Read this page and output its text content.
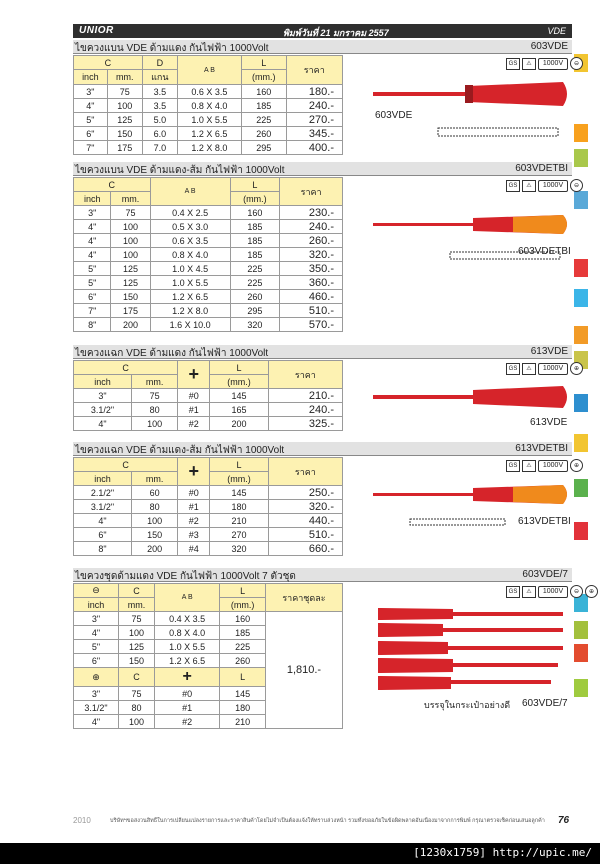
UNIOR	พิมพ์วันที่ 21 มกราคม 2557	VDE
ไขควงแบน VDE ด้ามแดง กันไฟฟ้า 1000Volt	603VDE
C		D	A B	L	ราคา
inch	mm.	แกน		(mm.)	
3"	75	3.5	0.6 X 3.5	160	180.-
4"	100	3.5	0.8 X 4.0	185	240.-
5"	125	5.0	1.0 X 5.5	225	270.-
6"	150	6.0	1.2 X 6.5	260	345.-
7"	175	7.0	1.2 X 8.0	295	400.-
GS	⚠	1000V	⊖
603VDE
ไขควงแบน VDE ด้ามแดง-ส้ม กันไฟฟ้า 1000Volt	603VDETBI
C		A B	L	ราคา
inch	mm.		(mm.)	
3"	75	0.4 X 2.5	160	230.-
4"	100	0.5 X 3.0	185	240.-
4"	100	0.6 X 3.5	185	260.-
4"	100	0.8 X 4.0	185	320.-
5"	125	1.0 X 4.5	225	350.-
5"	125	1.0 X 5.5	225	360.-
6"	150	1.2 X 6.5	260	460.-
7"	175	1.2 X 8.0	295	510.-
8"	200	1.6 X 10.0	320	570.-
GS	⚠	1000V	⊖
603VDETBI
ไขควงแฉก VDE ด้ามแดง กันไฟฟ้า 1000Volt	613VDE
C		+	L	ราคา
inch	mm.		(mm.)	
3"	75	#0	145	210.-
3.1/2"	80	#1	165	240.-
4"	100	#2	200	325.-
GS	⚠	1000V	⊕
613VDE
ไขควงแฉก VDE ด้ามแดง-ส้ม กันไฟฟ้า 1000Volt	613VDETBI
C		+	L	ราคา
inch	mm.		(mm.)	
2.1/2"	60	#0	145	250.-
3.1/2"	80	#1	180	320.-
4"	100	#2	210	440.-
6"	150	#3	270	510.-
8"	200	#4	320	660.-
GS	⚠	1000V	⊕
613VDETBI
ไขควงชุดด้ามแดง VDE กันไฟฟ้า 1000Volt 7 ตัวชุด	603VDE/7
⊖	C	A B	L	ราคาชุดละ
inch	mm.		(mm.)	
3"	75	0.4 X 3.5	160	1,810.-
4"	100	0.8 X 4.0	185	
5"	125	1.0 X 5.5	225	
6"	150	1.2 X 6.5	260	
⊕	C	+	L	
3"	75	#0	145	
3.1/2"	80	#1	180	
4"	100	#2	210	
GS	⚠	1000V	⊖	⊕
บรรจุในกระเป๋าอย่างดี 603VDE/7
2010	บริษัทฯขอสงวนสิทธิ์ในการเปลี่ยนแปลงรายการและราคาสินค้าโดยไม่จำเป็นต้องแจ้งให้ทราบล่วงหน้า รวมทั้งขออภัยในข้อผิดพลาดอันเนื่องมาจากการพิมพ์ กรุณาตรวจเช็คก่อนเสนอลูกค้า	76
[1230x1759] http://upic.me/
